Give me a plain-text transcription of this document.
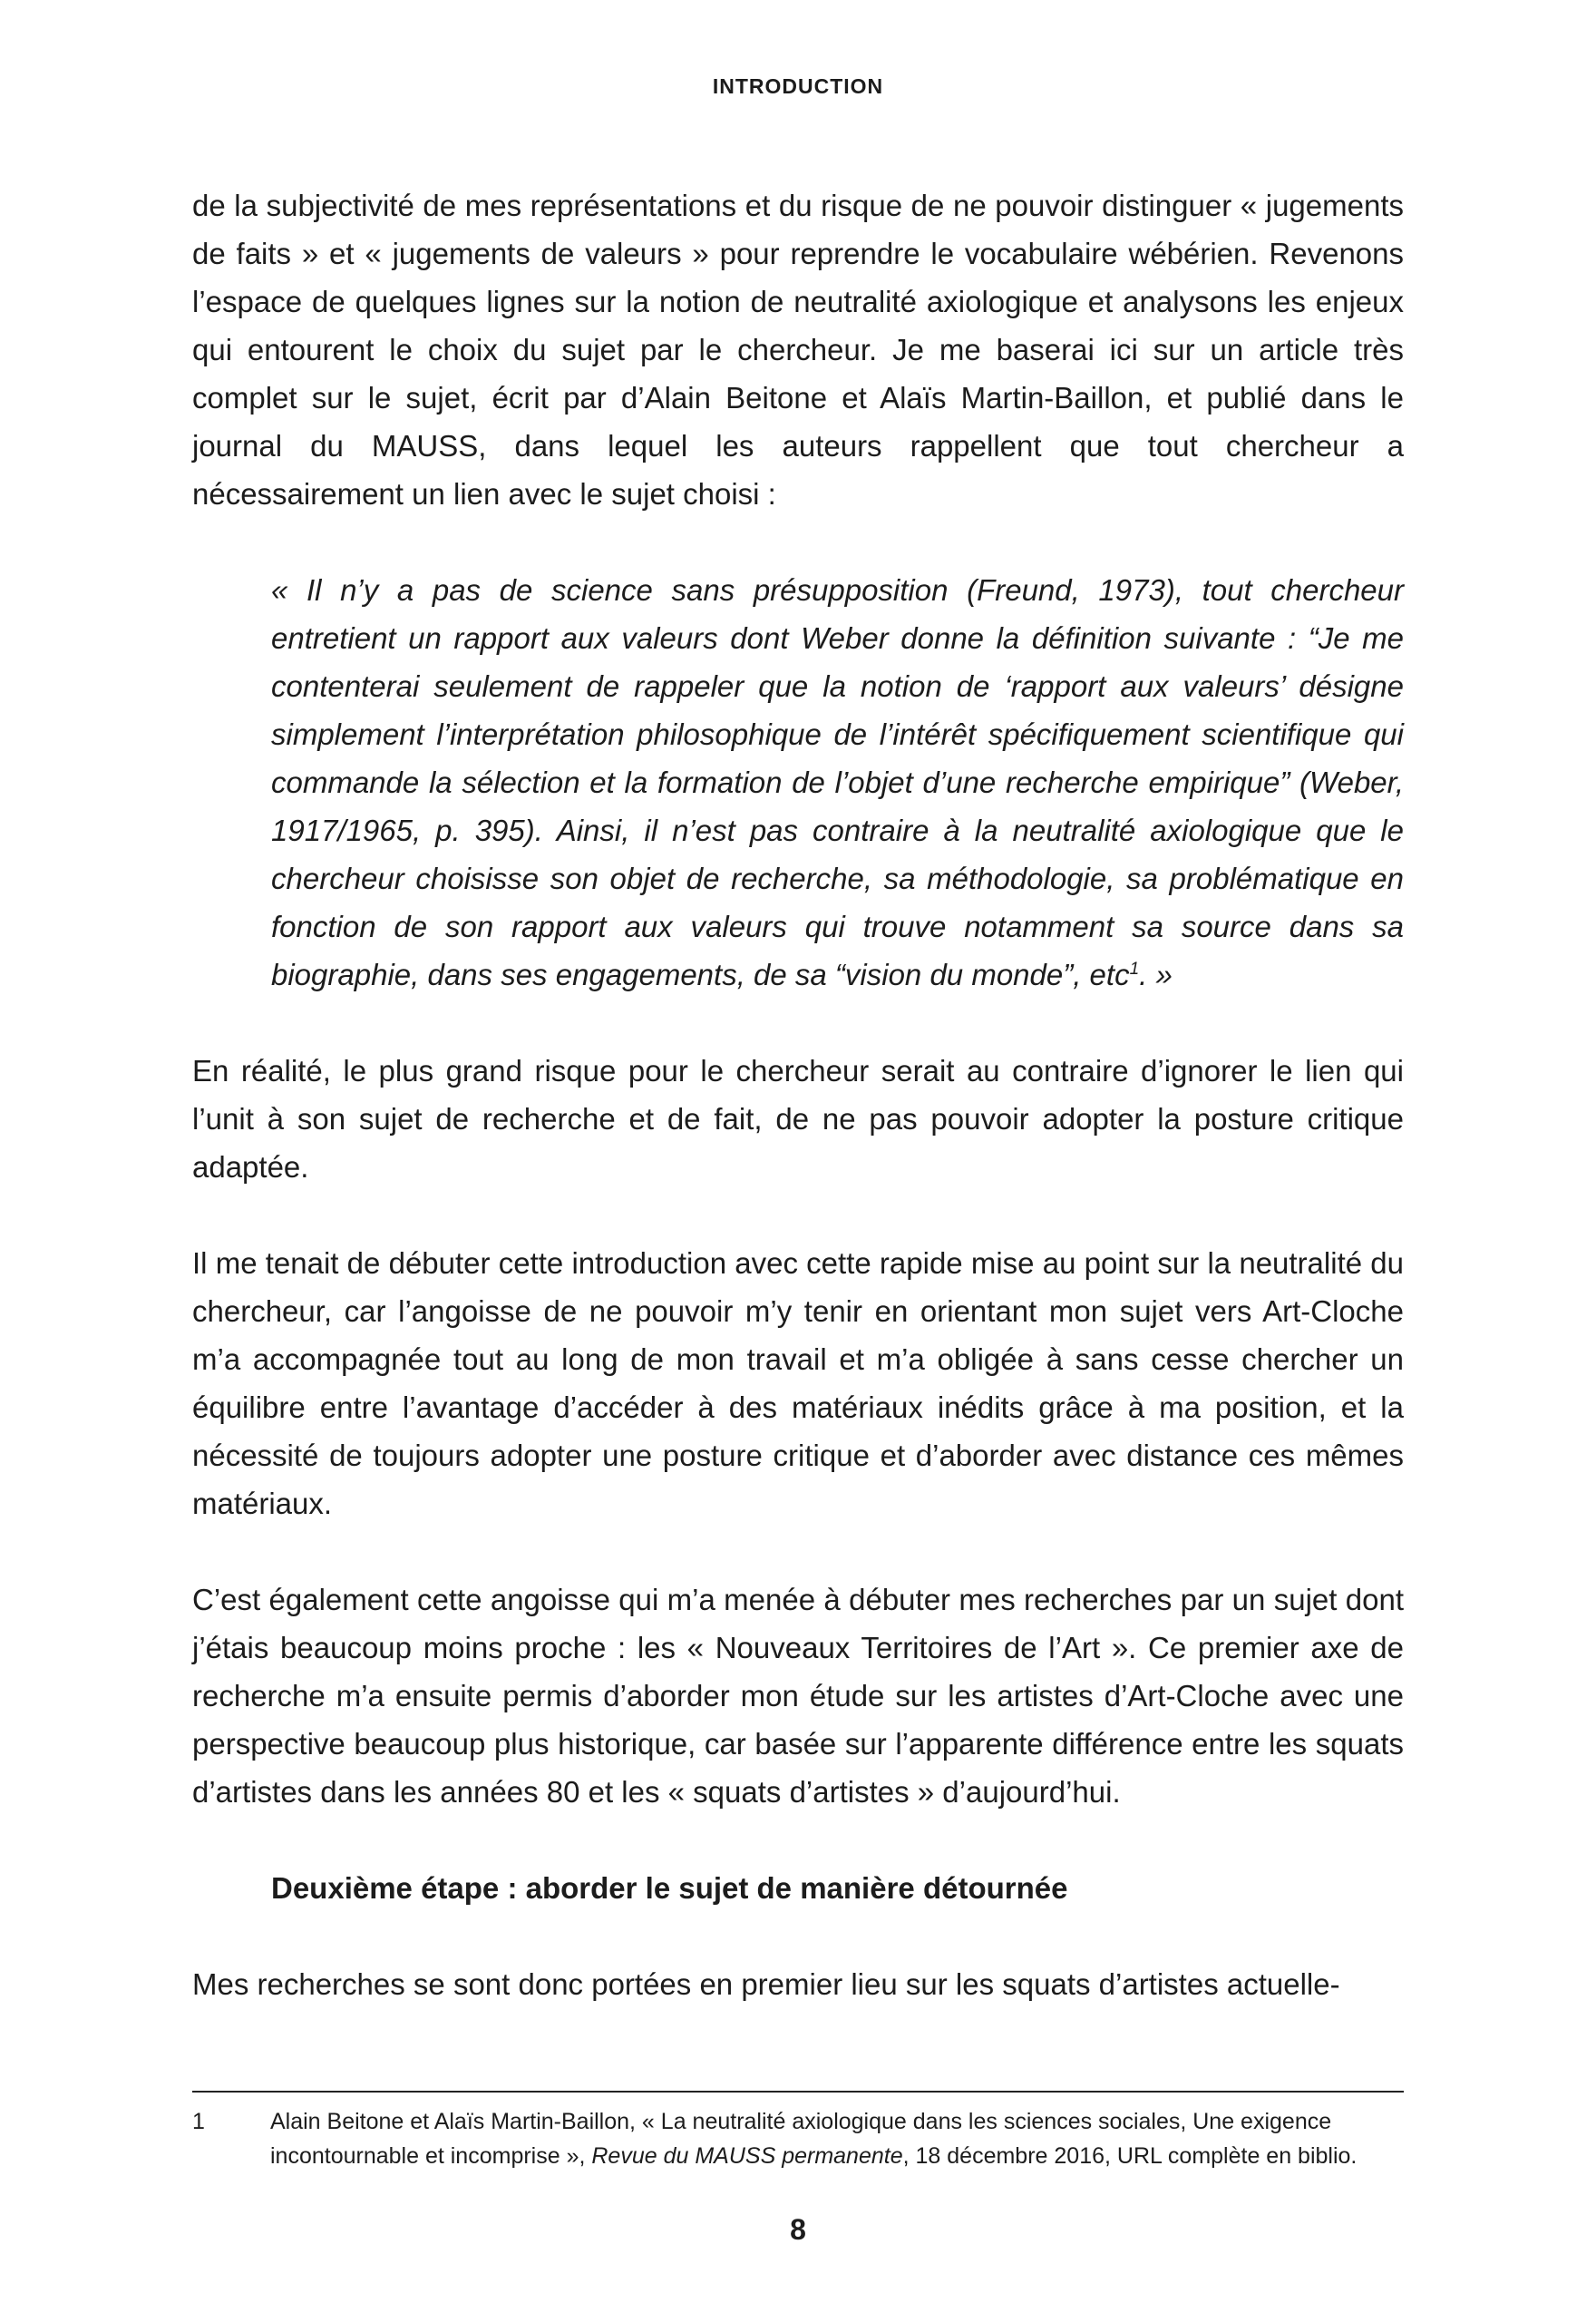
INTRODUCTION

de la subjectivité de mes représentations et du risque de ne pouvoir distinguer « jugements de faits » et « jugements de valeurs » pour reprendre le vocabulaire wébérien. Revenons l’espace de quelques lignes sur la notion de neutralité axiologique et analysons les enjeux qui entourent le choix du sujet par le chercheur. Je me baserai ici sur un article très complet sur le sujet, écrit par d’Alain Beitone et Alaïs Martin-Baillon, et publié dans le journal du MAUSS, dans lequel les auteurs rappellent que tout chercheur a nécessairement un lien avec le sujet choisi :

« Il n’y a pas de science sans présupposition (Freund, 1973), tout chercheur entretient un rapport aux valeurs dont Weber donne la définition suivante : “Je me contenterai seulement de rappeler que la notion de ‘rapport aux valeurs’ désigne simplement l’interprétation philosophique de l’intérêt spécifiquement scientifique qui commande la sélection et la formation de l’objet d’une recherche empirique” (Weber, 1917/1965, p. 395). Ainsi, il n’est pas contraire à la neutralité axiologique que le chercheur choisisse son objet de recherche, sa méthodologie, sa problématique en fonction de son rapport aux valeurs qui trouve notamment sa source dans sa biographie, dans ses engagements, de sa “vision du monde”, etc$^1$. »

En réalité, le plus grand risque pour le chercheur serait au contraire d’ignorer le lien qui l’unit à son sujet de recherche et de fait, de ne pas pouvoir adopter la posture critique adaptée.

Il me tenait de débuter cette introduction avec cette rapide mise au point sur la neutralité du chercheur, car l’angoisse de ne pouvoir m’y tenir en orientant mon sujet vers Art-Cloche m’a accompagnée tout au long de mon travail et m’a obligée à sans cesse chercher un équilibre entre l’avantage d’accéder à des matériaux inédits grâce à ma position, et la nécessité de toujours adopter une posture critique et d’aborder avec distance ces mêmes matériaux.

C’est également cette angoisse qui m’a menée à débuter mes recherches par un sujet dont j’étais beaucoup moins proche : les « Nouveaux Territoires de l’Art ». Ce premier axe de recherche m’a ensuite permis d’aborder mon étude sur les artistes d’Art-Cloche avec une perspective beaucoup plus historique, car basée sur l’apparente différence entre les squats d’artistes dans les années 80 et les « squats d’artistes » d’aujourd’hui.

Deuxième étape : aborder le sujet de manière détournée

Mes recherches se sont donc portées en premier lieu sur les squats d’artistes actuelle-

1	Alain Beitone et Alaïs Martin-Baillon, « La neutralité axiologique dans les sciences sociales, Une exigence incontournable et incomprise », Revue du MAUSS permanente, 18 décembre 2016, URL complète en biblio.
8
